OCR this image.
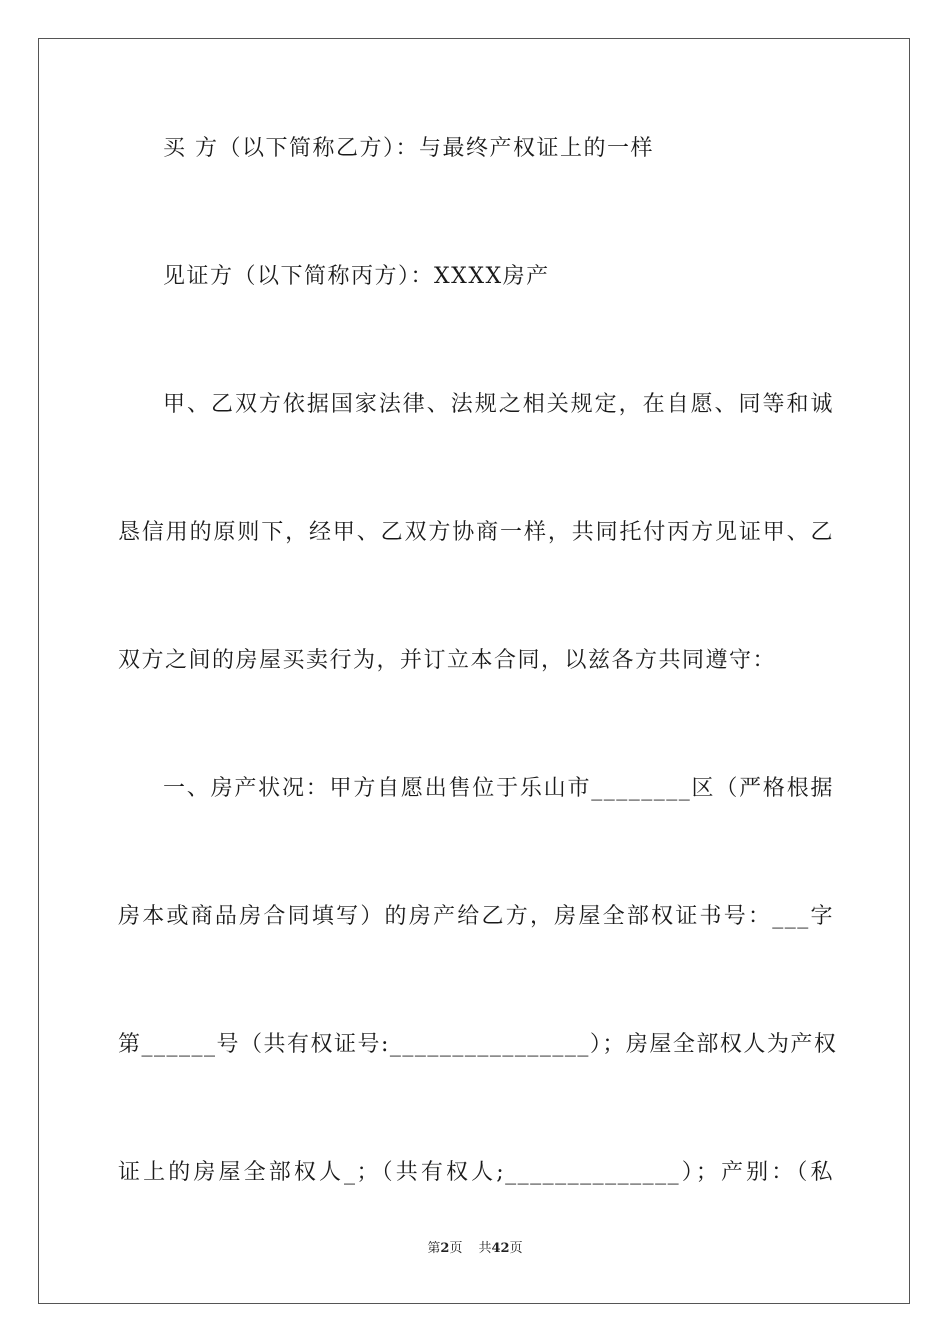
买 方（以下简称乙方）：与最终产权证上的一样
见证方（以下简称丙方）：XXXX房产
甲、乙双方依据国家法律、法规之相关规定，在自愿、同等和诚
恳信用的原则下，经甲、乙双方协商一样，共同托付丙方见证甲、乙
双方之间的房屋买卖行为，并订立本合同，以兹各方共同遵守：
一、房产状况：甲方自愿出售位于乐山市________区（严格根据
房本或商品房合同填写）的房产给乙方，房屋全部权证书号：___字
第______号（共有权证号:________________）；房屋全部权人为产权
证上的房屋全部权人_；（共有权人;______________）；产别：（私
第2页 共42页
